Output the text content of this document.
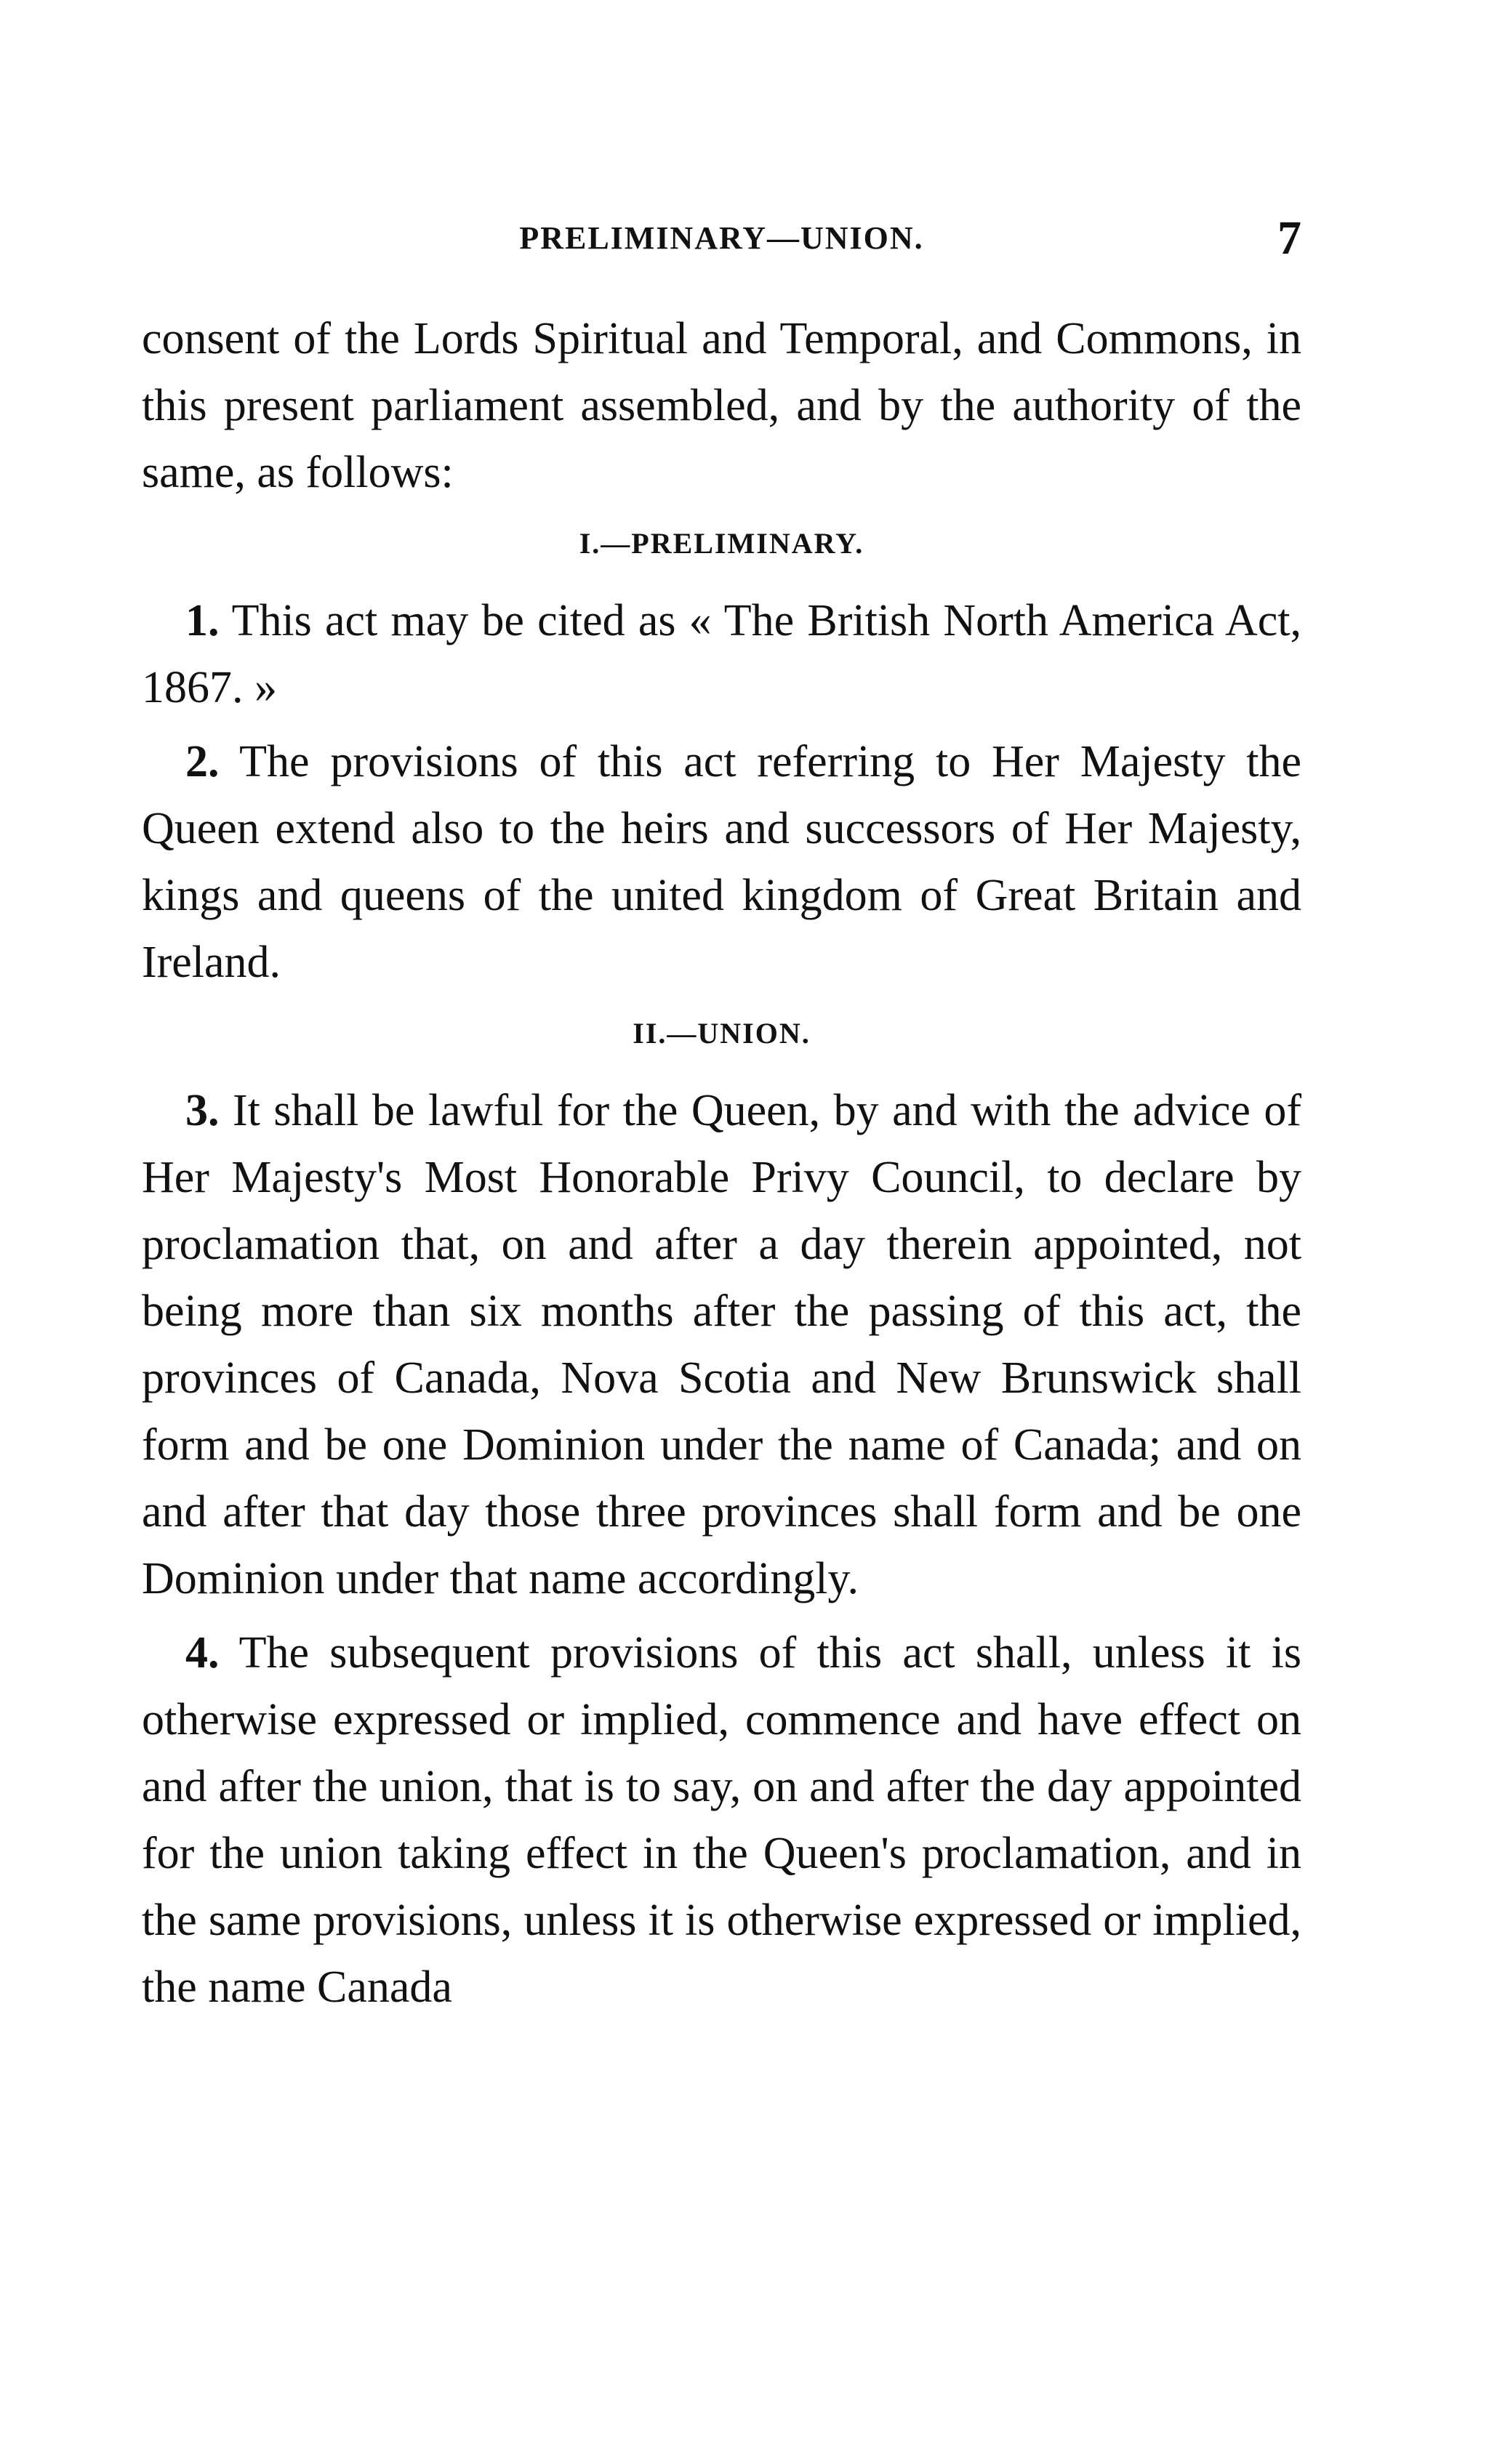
PRELIMINARY—UNION.	7

consent of the Lords Spiritual and Temporal, and Commons, in this present parliament assembled, and by the authority of the same, as follows:

I.—PRELIMINARY.

1. This act may be cited as « The British North America Act, 1867. »

2. The provisions of this act referring to Her Majesty the Queen extend also to the heirs and successors of Her Majesty, kings and queens of the united kingdom of Great Britain and Ireland.

II.—UNION.

3. It shall be lawful for the Queen, by and with the advice of Her Majesty's Most Honorable Privy Council, to declare by proclamation that, on and after a day therein appointed, not being more than six months after the passing of this act, the provinces of Canada, Nova Scotia and New Brunswick shall form and be one Dominion under the name of Canada; and on and after that day those three provinces shall form and be one Dominion under that name accordingly.

4. The subsequent provisions of this act shall, unless it is otherwise expressed or implied, commence and have effect on and after the union, that is to say, on and after the day appointed for the union taking effect in the Queen's proclamation, and in the same provisions, unless it is otherwise expressed or implied, the name Canada
